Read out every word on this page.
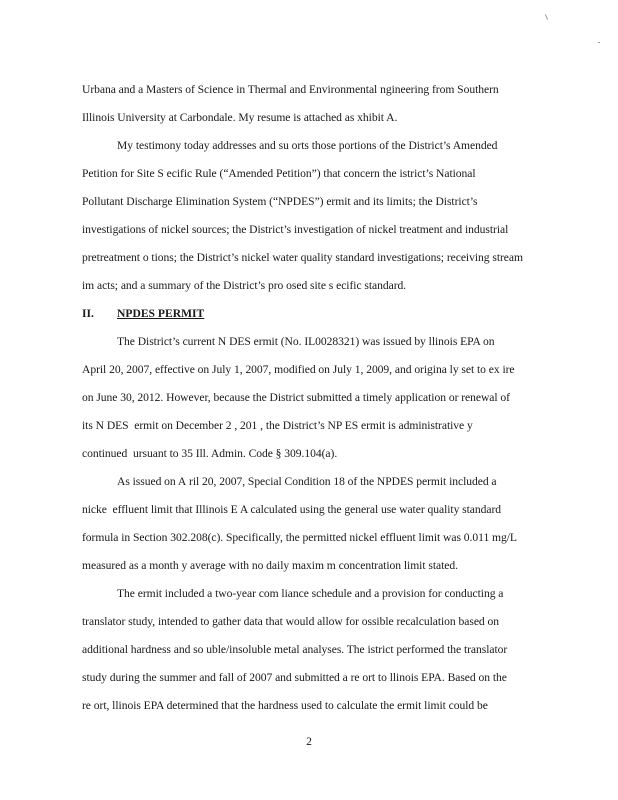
Urbana and a Masters of Science in Thermal and Environmental ngineering from Southern
Illinois University at Carbondale. My resume is attached as xhibit A.
My testimony today addresses and su orts those portions of the District’s Amended
Petition for Site S ecific Rule (“Amended Petition”) that concern the istrict’s National
Pollutant Discharge Elimination System (“NPDES”) ermit and its limits; the District’s
investigations of nickel sources; the District’s investigation of nickel treatment and industrial
pretreatment o tions; the District’s nickel water quality standard investigations; receiving stream
im acts; and a summary of the District’s pro osed site s ecific standard.
II. NPDES PERMIT
The District’s current N DES ermit (No. IL0028321) was issued by llinois EPA on
April 20, 2007, effective on July 1, 2007, modified on July 1, 2009, and origina ly set to ex ire
on June 30, 2012. However, because the District submitted a timely application or renewal of
its N DES  ermit on December 2 , 201 , the District’s NP ES ermit is administrative y
continued  ursuant to 35 Ill. Admin. Code § 309.104(a).
As issued on A ril 20, 2007, Special Condition 18 of the NPDES permit included a
nicke  effluent limit that Illinois E A calculated using the general use water quality standard
formula in Section 302.208(c). Specifically, the permitted nickel effluent limit was 0.011 mg/L
measured as a month y average with no daily maxim m concentration limit stated.
The ermit included a two-year com liance schedule and a provision for conducting a
translator study, intended to gather data that would allow for ossible recalculation based on
additional hardness and so uble/insoluble metal analyses. The istrict performed the translator
study during the summer and fall of 2007 and submitted a re ort to llinois EPA. Based on the
re ort, llinois EPA determined that the hardness used to calculate the ermit limit could be
2
